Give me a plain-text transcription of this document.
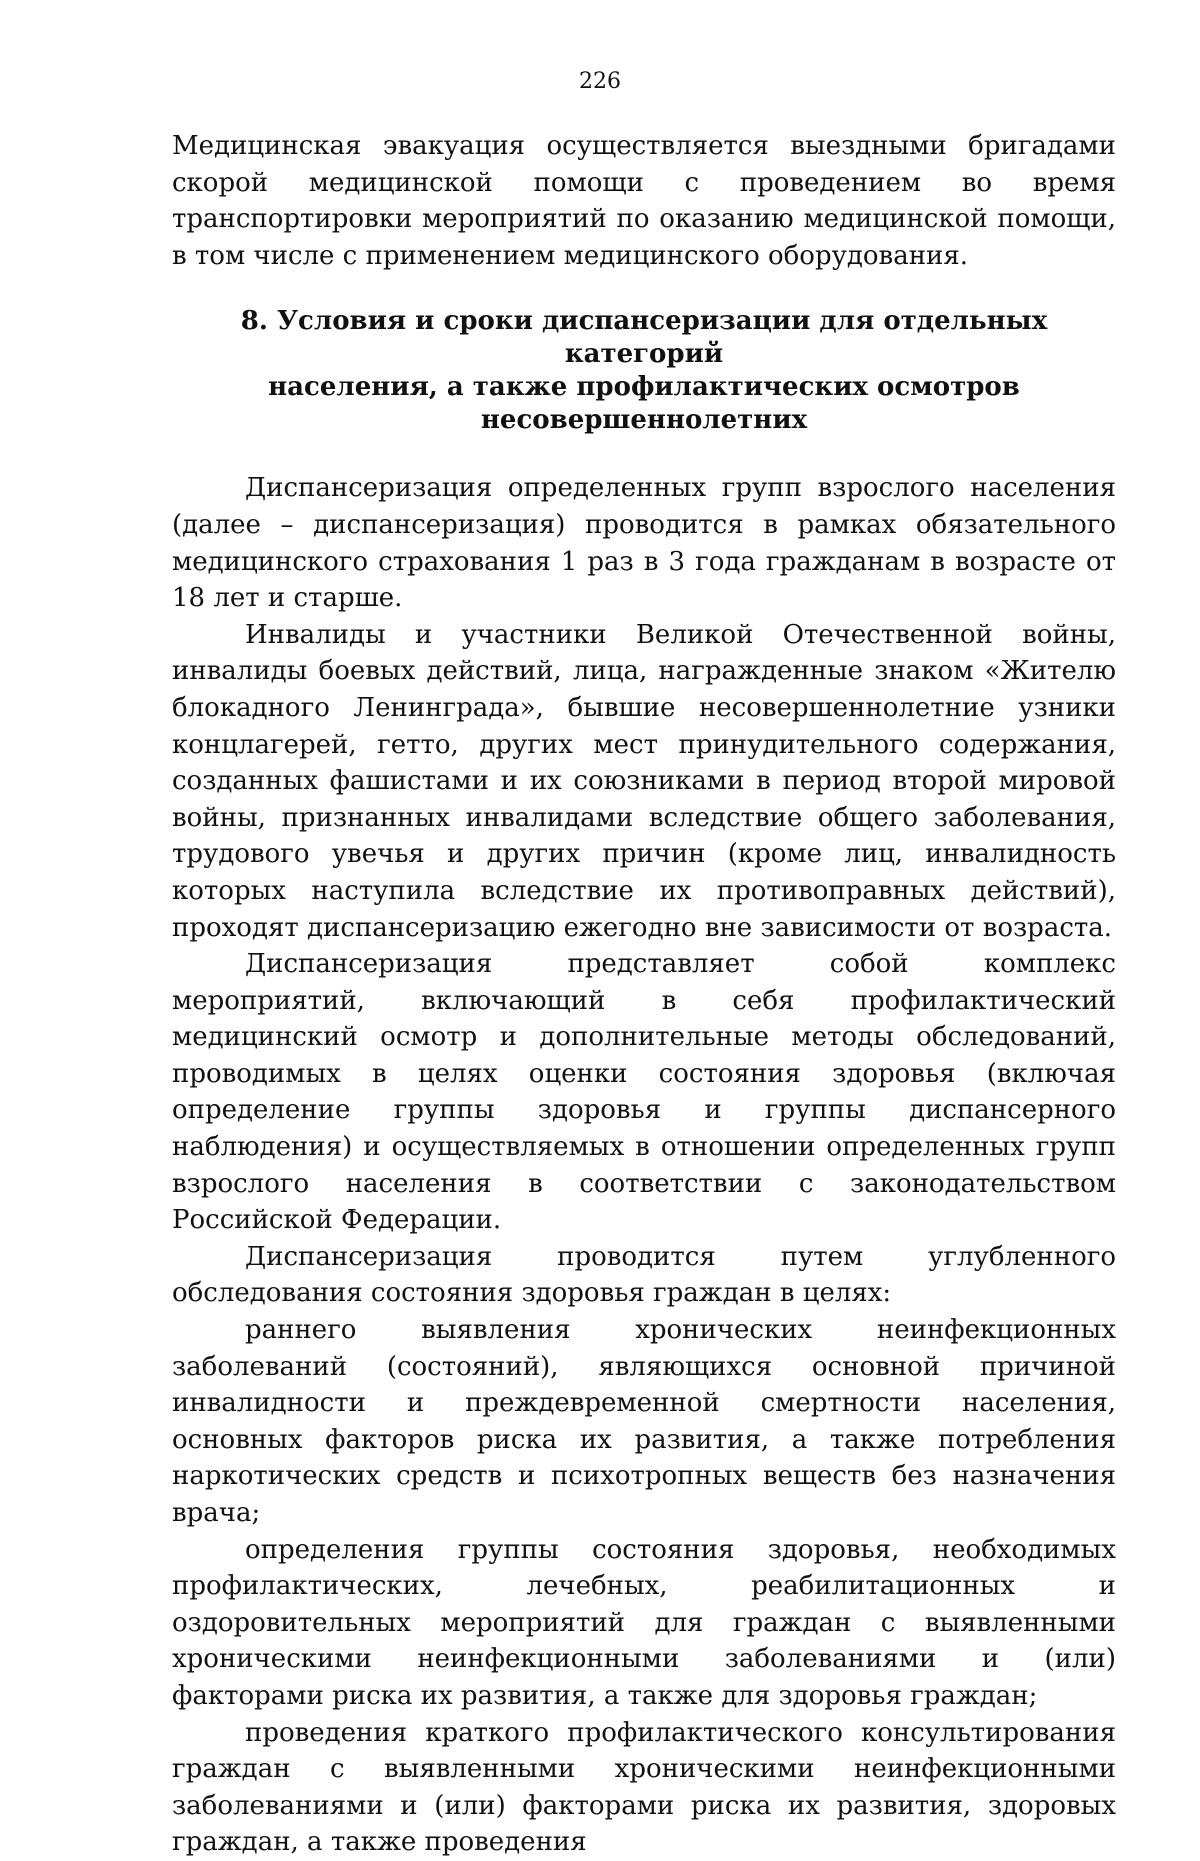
226

Медицинская эвакуация осуществляется выездными бригадами скорой медицинской помощи с проведением во время транспортировки мероприятий по оказанию медицинской помощи, в том числе с применением медицинского оборудования.

8. Условия и сроки диспансеризации для отдельных категорий
населения, а также профилактических осмотров несовершеннолетних

Диспансеризация определенных групп взрослого населения (далее – диспансеризация) проводится в рамках обязательного медицинского страхования 1 раз в 3 года гражданам в возрасте от 18 лет и старше.

Инвалиды и участники Великой Отечественной войны, инвалиды боевых действий, лица, награжденные знаком «Жителю блокадного Ленинграда», бывшие несовершеннолетние узники концлагерей, гетто, других мест принудительного содержания, созданных фашистами и их союзниками в период второй мировой войны, признанных инвалидами вследствие общего заболевания, трудового увечья и других причин (кроме лиц, инвалидность которых наступила вследствие их противоправных действий), проходят диспансеризацию ежегодно вне зависимости от возраста.

Диспансеризация представляет собой комплекс мероприятий, включающий в себя профилактический медицинский осмотр и дополнительные методы обследований, проводимых в целях оценки состояния здоровья (включая определение группы здоровья и группы диспансерного наблюдения) и осуществляемых в отношении определенных групп взрослого населения в соответствии с законодательством Российской Федерации.

Диспансеризация проводится путем углубленного обследования состояния здоровья граждан в целях:

раннего выявления хронических неинфекционных заболеваний (состояний), являющихся основной причиной инвалидности и преждевременной смертности населения, основных факторов риска их развития, а также потребления наркотических средств и психотропных веществ без назначения врача;

определения группы состояния здоровья, необходимых профилактических, лечебных, реабилитационных и оздоровительных мероприятий для граждан с выявленными хроническими неинфекционными заболеваниями и (или) факторами риска их развития, а также для здоровья граждан;

проведения краткого профилактического консультирования граждан с выявленными хроническими неинфекционными заболеваниями и (или) факторами риска их развития, здоровых граждан, а также проведения
